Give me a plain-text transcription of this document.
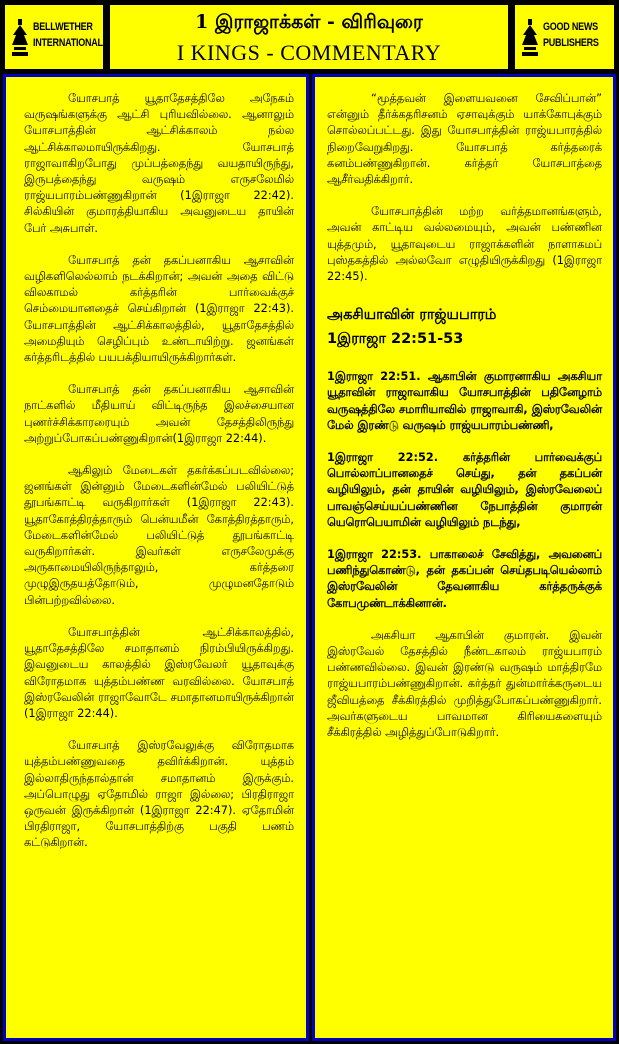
BELLWETHER
INTERNATIONAL
1 இராஜாக்கள் - விரிவுரை
I KINGS - COMMENTARY
GOOD NEWS
PUBLISHERS

யோசபாத் யூதாதேசத்திலே அநேகம் வருஷங்களுக்கு ஆட்சி புரியவில்லை. ஆனாலும் யோசபாத்தின் ஆட்சிக்காலம் நல்ல ஆட்சிக்காலமாயிருக்கிறது. யோசபாத் ராஜாவாகிறபோது முப்பத்தைந்து வயதாயிருந்து, இருபத்தைந்து வருஷம் எருசலேமில் ராஜ்யபாரம்பண்ணுகிறான் (1இராஜா 22:42). சில்கியின் குமாரத்தியாகிய அவனுடைய தாயின் பேர் அசுபாள்.

யோசபாத் தன் தகப்பனாகிய ஆசாவின் வழிகளிலெல்லாம் நடக்கிறான்; அவன் அதை விட்டு விலகாமல் கர்த்தரின் பார்வைக்குச் செம்மையானதைச் செய்கிறான் (1இராஜா 22:43). யோசபாத்தின் ஆட்சிக்காலத்தில், யூதாதேசத்தில் அமைதியும் செழிப்பும் உண்டாயிற்று. ஜனங்கள் கர்த்தரிடத்தில் பயபக்தியாயிருக்கிறார்கள்.

யோசபாத் தன் தகப்பனாகிய ஆசாவின் நாட்களில் மீதியாய் விட்டிருந்த இலச்சையான புணர்ச்சிக்காரரையும் அவன் தேசத்திலிருந்து அற்றுப்போகப்பண்ணுகிறான்(1இராஜா 22:44).

ஆகிலும் மேடைகள் தகர்க்கப்படவில்லை; ஜனங்கள் இன்னும் மேடைகளின்மேல் பலியிட்டுத் தூபங்காட்டி வருகிறார்கள் (1இராஜா 22:43). யூதாகோத்திரத்தாரும் பென்யமீன் கோத்திரத்தாரும், மேடைகளின்மேல் பலியிட்டுத் தூபங்காட்டி வருகிறார்கள். இவர்கள் எருசலேமுக்கு அருகாமையிலிருந்தாலும், கர்த்தரை முழுஇருதயத்தோடும், முழுமனதோடும் பின்பற்றவில்லை.

யோசபாத்தின் ஆட்சிக்காலத்தில், யூதாதேசத்திலே சமாதானம் நிரம்பியிருக்கிறது. இவனுடைய காலத்தில் இஸ்ரவேலர் யூதாவுக்கு விரோதமாக யுத்தம்பண்ண வரவில்லை. யோசபாத் இஸ்ரவேலின் ராஜாவோடே சமாதானமாயிருக்கிறான் (1இராஜா 22:44).

யோசபாத் இஸ்ரவேலுக்கு விரோதமாக யுத்தம்பண்ணுவதை தவிர்க்கிறான். யுத்தம் இல்லாதிருந்தால்தான் சமாதானம் இருக்கும். அப்பொழுது ஏதோமில் ராஜா இல்லை; பிரதிராஜா ஒருவன் இருக்கிறான் (1இராஜா 22:47). ஏதோமின் பிரதிராஜா, யோசபாத்திற்கு பகுதி பணம் கட்டுகிறான்.

“மூத்தவன் இளையவனை சேவிப்பான்” என்னும் தீர்க்கதரிசனம் ஏசாவுக்கும் யாக்கோபுக்கும் சொல்லப்பட்டது. இது யோசபாத்தின் ராஜ்யபாரத்தில் நிறைவேறுகிறது. யோசபாத் கர்த்தரைக் கனம்பண்ணுகிறான். கர்த்தர் யோசபாத்தை ஆசீர்வதிக்கிறார்.

யோசபாத்தின் மற்ற வர்த்தமானங்களும், அவன் காட்டிய வல்லமையும், அவன் பண்ணின யுத்தமும், யூதாவுடைய ராஜாக்களின் நாளாகமப் புஸ்தகத்தில் அல்லவோ எழுதியிருக்கிறது (1இராஜா 22:45).

அகசியாவின் ராஜ்யபாரம்
1இராஜா 22:51-53

1இராஜா 22:51. ஆகாபின் குமாரனாகிய அகசியா யூதாவின் ராஜாவாகிய யோசபாத்தின் பதினேழாம் வருஷத்திலே சமாரியாவில் ராஜாவாகி, இஸ்ரவேலின் மேல் இரண்டு வருஷம் ராஜ்யபாரம்பண்ணி,

1இராஜா 22:52. கர்த்தரின் பார்வைக்குப் பொல்லாப்பானதைச் செய்து, தன் தகப்பன் வழியிலும், தன் தாயின் வழியிலும், இஸ்ரவேலைப் பாவஞ்செய்யப்பண்ணின நேபாத்தின் குமாரன் யெரொபெயாமின் வழியிலும் நடந்து,

1இராஜா 22:53. பாகாலைச் சேவித்து, அவனைப் பணிந்துகொண்டு, தன் தகப்பன் செய்தபடியெல்லாம் இஸ்ரவேலின் தேவனாகிய கர்த்தருக்குக் கோபமுண்டாக்கினான்.

அகசியா ஆகாபின் குமாரன். இவன் இஸ்ரவேல் தேசத்தில் நீண்டகாலம் ராஜ்யபாரம் பண்ணவில்லை. இவன் இரண்டு வருஷம் மாத்திரமே ராஜ்யபாரம்பண்ணுகிறான். கர்த்தர் துன்மார்க்கருடைய ஜீவியத்தை சீக்கிரத்தில் முறித்துபோகப்பண்ணுகிறார். அவர்களுடைய பாவமான கிரியைகளையும் சீக்கிரத்தில் அழித்துப்போடுகிறார்.
